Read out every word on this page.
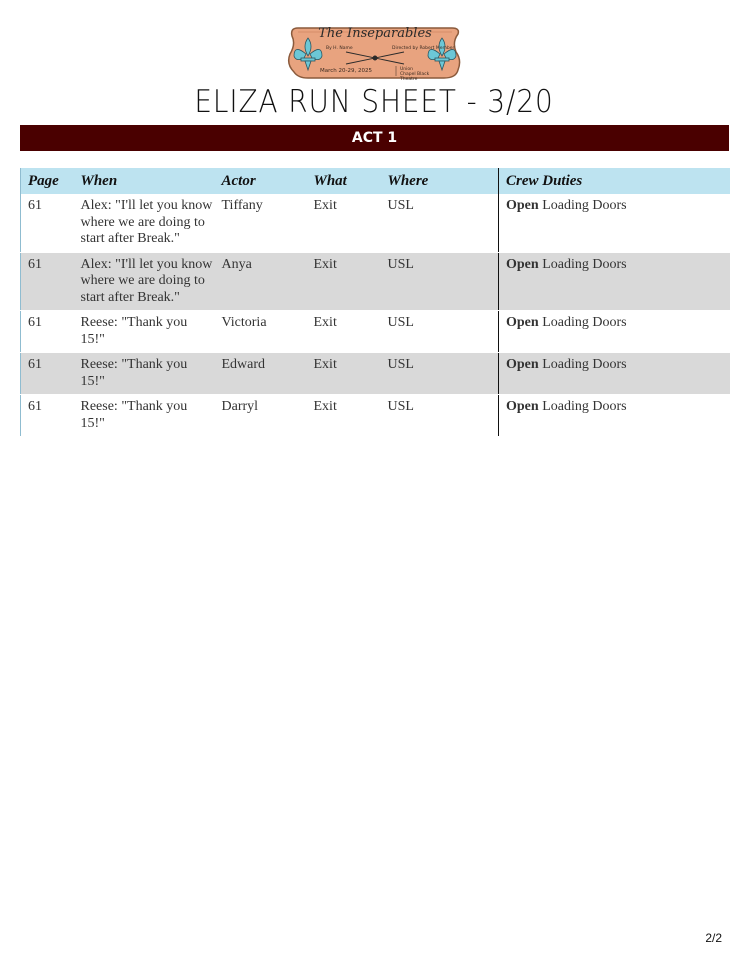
The Inseparables
By H. Name	Directed by Robert Member
March 20-29, 2025	Union Chapel Black Theatre
ELIZA RUN SHEET - 3/20
ACT 1
Page	When	Actor	What	Where	Crew Duties
61	Alex: "I'll let you know where we are doing to start after Break."	Tiffany	Exit	USL	Open Loading Doors
61	Alex: "I'll let you know where we are doing to start after Break."	Anya	Exit	USL	Open Loading Doors
61	Reese: "Thank you 15!"	Victoria	Exit	USL	Open Loading Doors
61	Reese: "Thank you 15!"	Edward	Exit	USL	Open Loading Doors
61	Reese: "Thank you 15!"	Darryl	Exit	USL	Open Loading Doors
2/2
